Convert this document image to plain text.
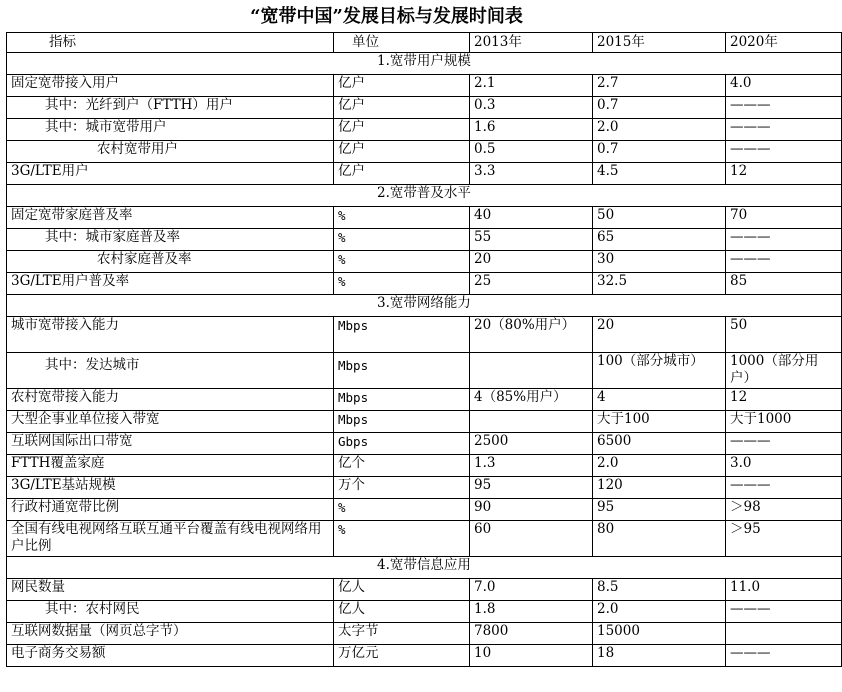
“宽带中国”发展目标与发展时间表
指标	单位	2013年	2015年	2020年
1.宽带用户规模				
固定宽带接入用户	亿户	2.1	2.7	4.0
其中：光纤到户（FTTH）用户	亿户	0.3	0.7	———
其中：城市宽带用户	亿户	1.6	2.0	———
农村宽带用户	亿户	0.5	0.7	———
3G/LTE用户	亿户	3.3	4.5	12
2.宽带普及水平				
固定宽带家庭普及率	%	40	50	70
其中：城市家庭普及率	%	55	65	———
农村家庭普及率	%	20	30	———
3G/LTE用户普及率	%	25	32.5	85
3.宽带网络能力				
城市宽带接入能力	Mbps	20（80%用户）	20	50
其中：发达城市	Mbps		100（部分城市）	1000（部分用户）
农村宽带接入能力	Mbps	4（85%用户）	4	12
大型企事业单位接入带宽	Mbps		大于100	大于1000
互联网国际出口带宽	Gbps	2500	6500	———
FTTH覆盖家庭	亿个	1.3	2.0	3.0
3G/LTE基站规模	万个	95	120	———
行政村通宽带比例	%	90	95	＞98
全国有线电视网络互联互通平台覆盖有线电视网络用户比例	%	60	80	＞95
4.宽带信息应用				
网民数量	亿人	7.0	8.5	11.0
其中：农村网民	亿人	1.8	2.0	———
互联网数据量（网页总字节）	太字节	7800	15000	
电子商务交易额	万亿元	10	18	———
